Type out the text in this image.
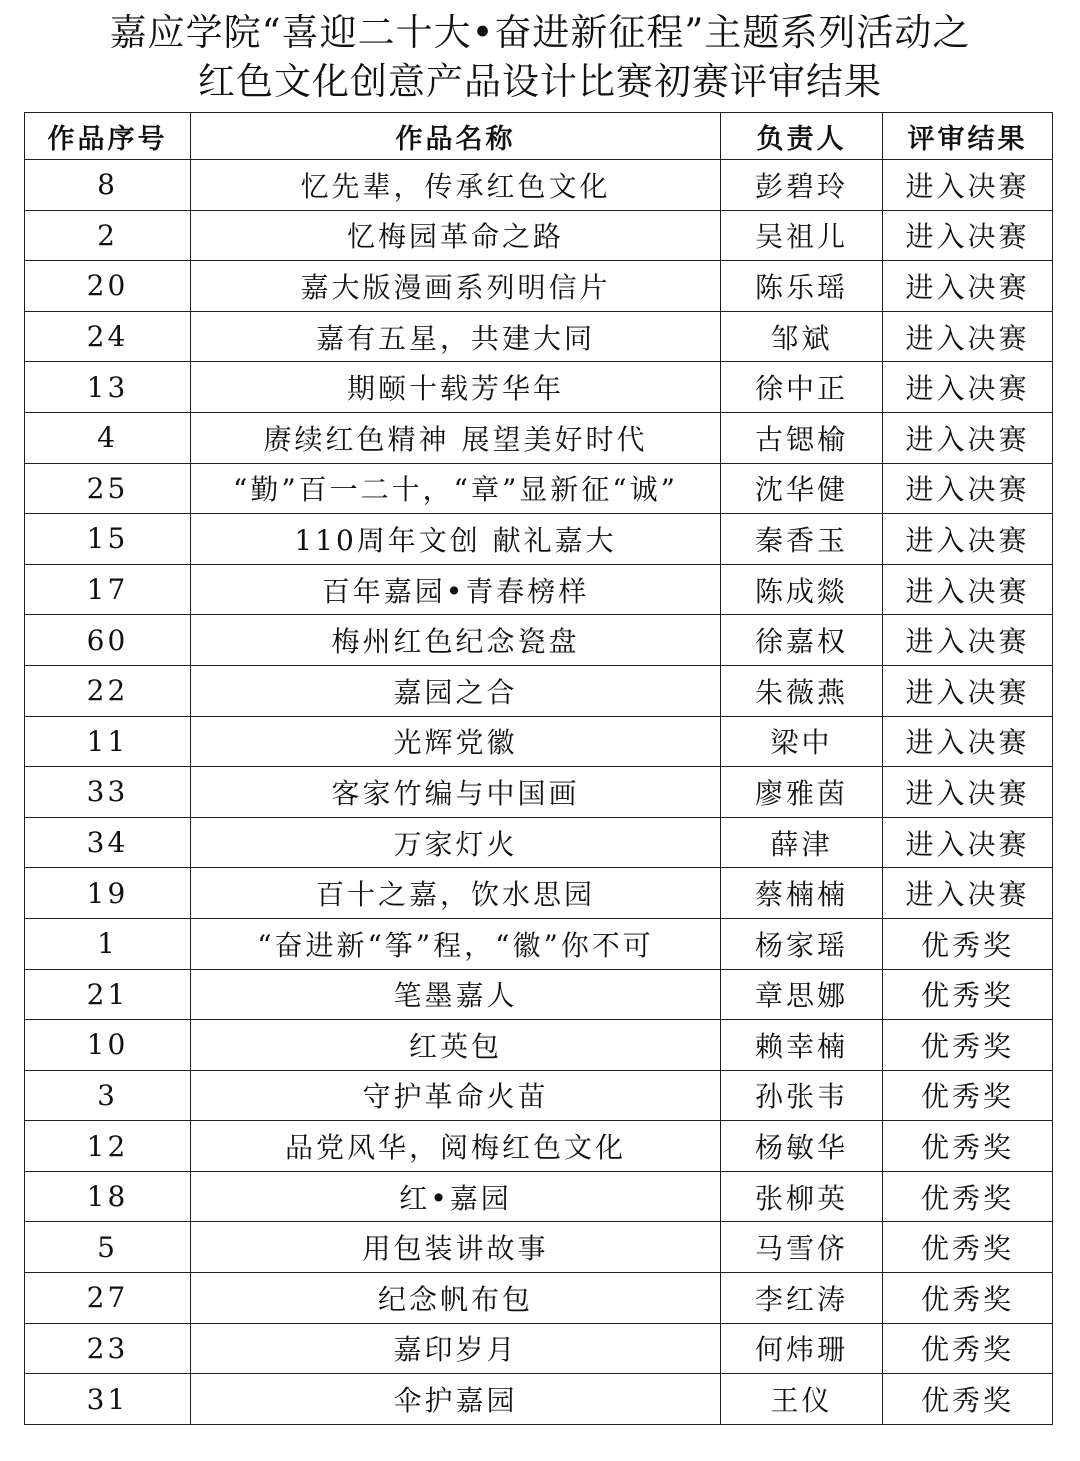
嘉应学院“喜迎二十大•奋进新征程”主题系列活动之
红色文化创意产品设计比赛初赛评审结果
作品序号	作品名称	负责人	评审结果
8	忆先辈，传承红色文化	彭碧玲	进入决赛
2	忆梅园革命之路	吴祖儿	进入决赛
20	嘉大版漫画系列明信片	陈乐瑶	进入决赛
24	嘉有五星，共建大同	邹斌	进入决赛
13	期颐十载芳华年	徐中正	进入决赛
4	赓续红色精神 展望美好时代	古锶榆	进入决赛
25	“勤”百一二十，“章”显新征“诚”	沈华健	进入决赛
15	110周年文创 献礼嘉大	秦香玉	进入决赛
17	百年嘉园•青春榜样	陈成燚	进入决赛
60	梅州红色纪念瓷盘	徐嘉权	进入决赛
22	嘉园之合	朱薇燕	进入决赛
11	光辉党徽	梁中	进入决赛
33	客家竹编与中国画	廖雅茵	进入决赛
34	万家灯火	薛津	进入决赛
19	百十之嘉，饮水思园	蔡楠楠	进入决赛
1	“奋进新“筝”程，“徽”你不可	杨家瑶	优秀奖
21	笔墨嘉人	章思娜	优秀奖
10	红英包	赖幸楠	优秀奖
3	守护革命火苗	孙张韦	优秀奖
12	品党风华，阅梅红色文化	杨敏华	优秀奖
18	红•嘉园	张柳英	优秀奖
5	用包装讲故事	马雪侪	优秀奖
27	纪念帆布包	李红涛	优秀奖
23	嘉印岁月	何炜珊	优秀奖
31	伞护嘉园	王仪	优秀奖
